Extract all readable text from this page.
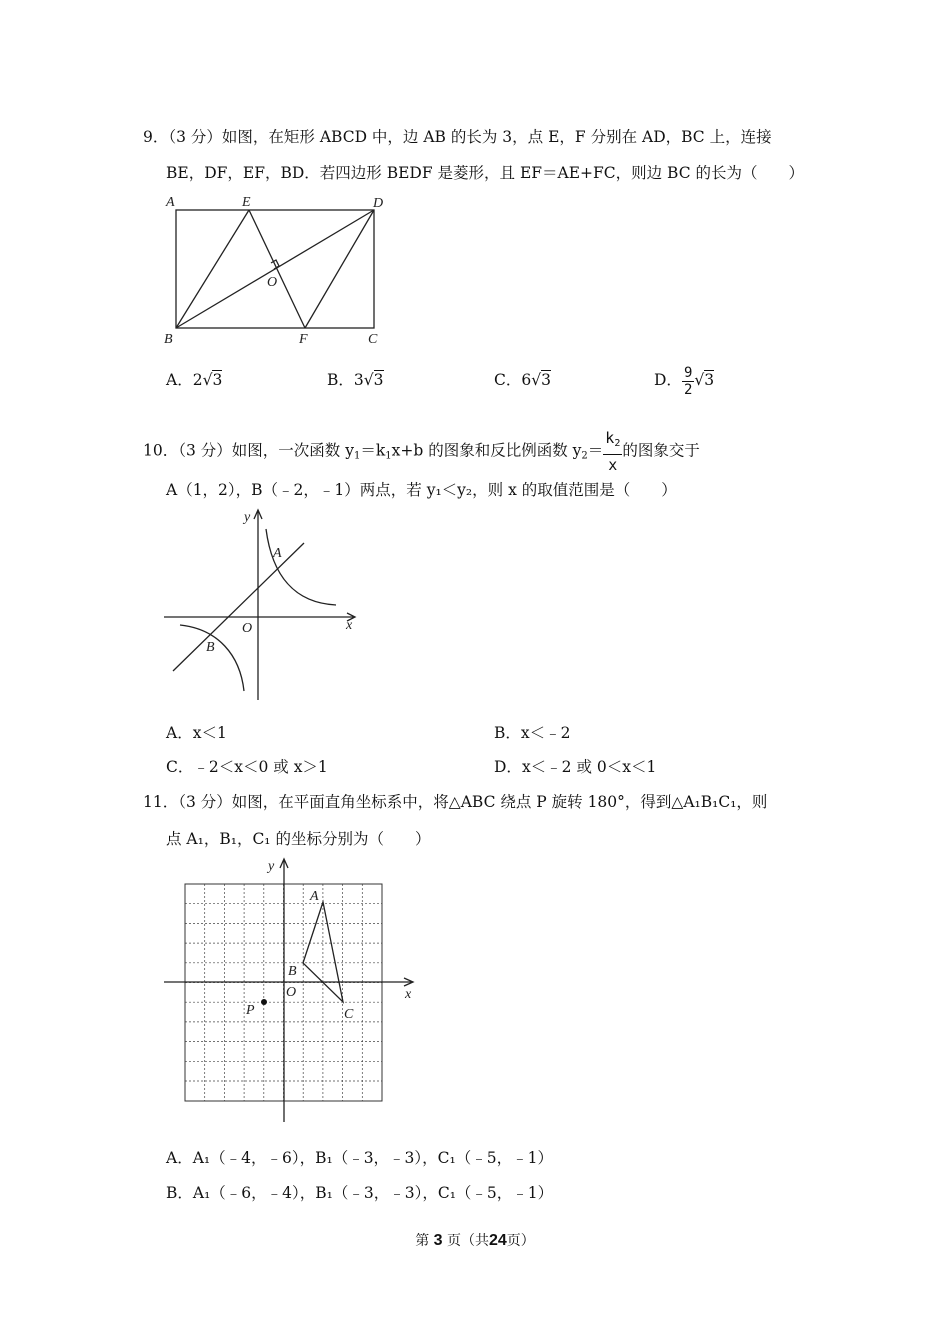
9．（3 分）如图，在矩形 ABCD 中，边 AB 的长为 3，点 E，F 分别在 AD，BC 上，连接
BE，DF，EF，BD．若四边形 BEDF 是菱形，且 EF＝AE+FC，则边 BC 的长为（　　）
A	E	D
O
B	F	C
A．2√3	B．3√3	C．6√3	D． $\frac{9}{2} √3$
10．（3 分）如图，一次函数 $y_1=k_1x+b$ 的图象和反比例函数 $y_2= \frac{k_2}{x}$ 的图象交于
A（1，2），B（﹣2，﹣1）两点，若 y₁＜y₂，则 x 的取值范围是（　　）
y
A
O	x
B
A．x＜1	B．x＜﹣2
C．﹣2＜x＜0 或 x＞1	D．x＜﹣2 或 0＜x＜1
11．（3 分）如图，在平面直角坐标系中，将△ABC 绕点 P 旋转 180°，得到△A₁B₁C₁，则
点 A₁，B₁，C₁ 的坐标分别为（　　）
y
A
B
O	x
P	C
A．A₁（﹣4，﹣6），B₁（﹣3，﹣3），C₁（﹣5，﹣1）
B．A₁（﹣6，﹣4），B₁（﹣3，﹣3），C₁（﹣5，﹣1）
第 3 页（共24页）
